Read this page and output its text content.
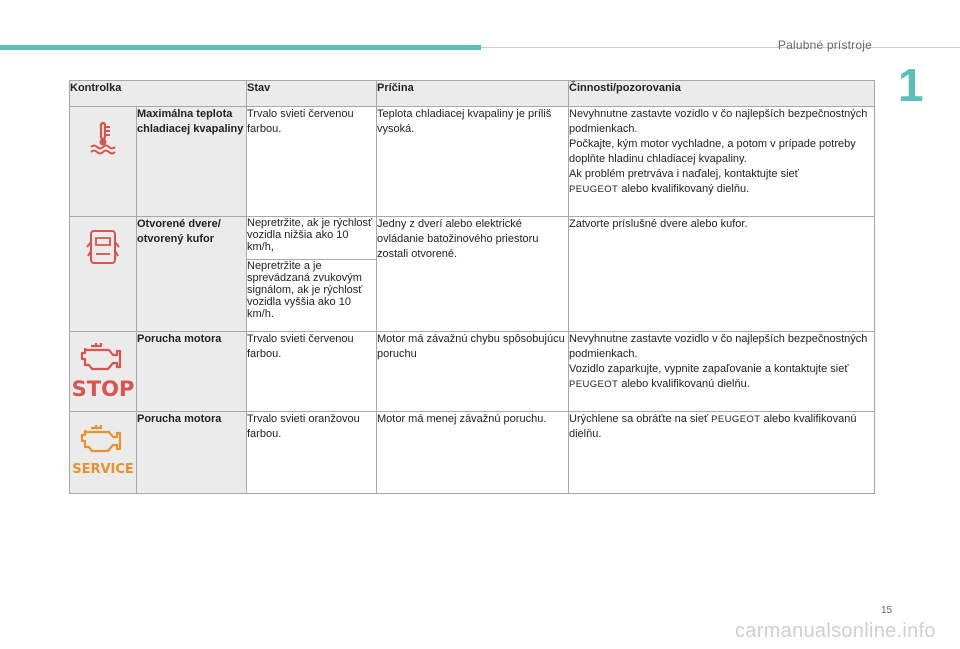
Palubné prístroje
1
Kontrolka		Stav	Príčina	Činnosti/pozorovania

	Maximálna teplota chladiacej kvapaliny	Trvalo svieti červenou farbou.	Teplota chladiacej kvapaliny je príliš vysoká.	Nevyhnutne zastavte vozidlo v čo najlepších bezpečnostných podmienkach.
Počkajte, kým motor vychladne, a potom v prípade potreby doplňte hladinu chladiacej kvapaliny.
Ak problém pretrváva i naďalej, kontaktujte sieť
PEUGEOT alebo kvalifikovaný dielňu.

	Otvorené dvere/ otvorený kufor	Nepretržite, ak je rýchlosť vozidla nižšia ako 10 km/h,	Jedny z dverí alebo elektrické ovládanie batožinového priestoru zostali otvorené.	Zatvorte príslušné dvere alebo kufor.
		Nepretržite a je sprevádzaná zvukovým signálom, ak je rýchlosť vozidla vyššia ako 10 km/h.		

STOP	Porucha motora	Trvalo svieti červenou farbou.	Motor má závažnú chybu spôsobujúcu poruchu	Nevyhnutne zastavte vozidlo v čo najlepších bezpečnostných podmienkach.
Vozidlo zaparkujte, vypnite zapaľovanie a kontaktujte sieť
PEUGEOT alebo kvalifikovanú dielňu.

SERVICE	Porucha motora	Trvalo svieti oranžovou farbou.	Motor má menej závažnú poruchu.	Urýchlene sa obráťte na sieť PEUGEOT alebo kvalifikovanú dielňu.
15
carmanualsonline.info
